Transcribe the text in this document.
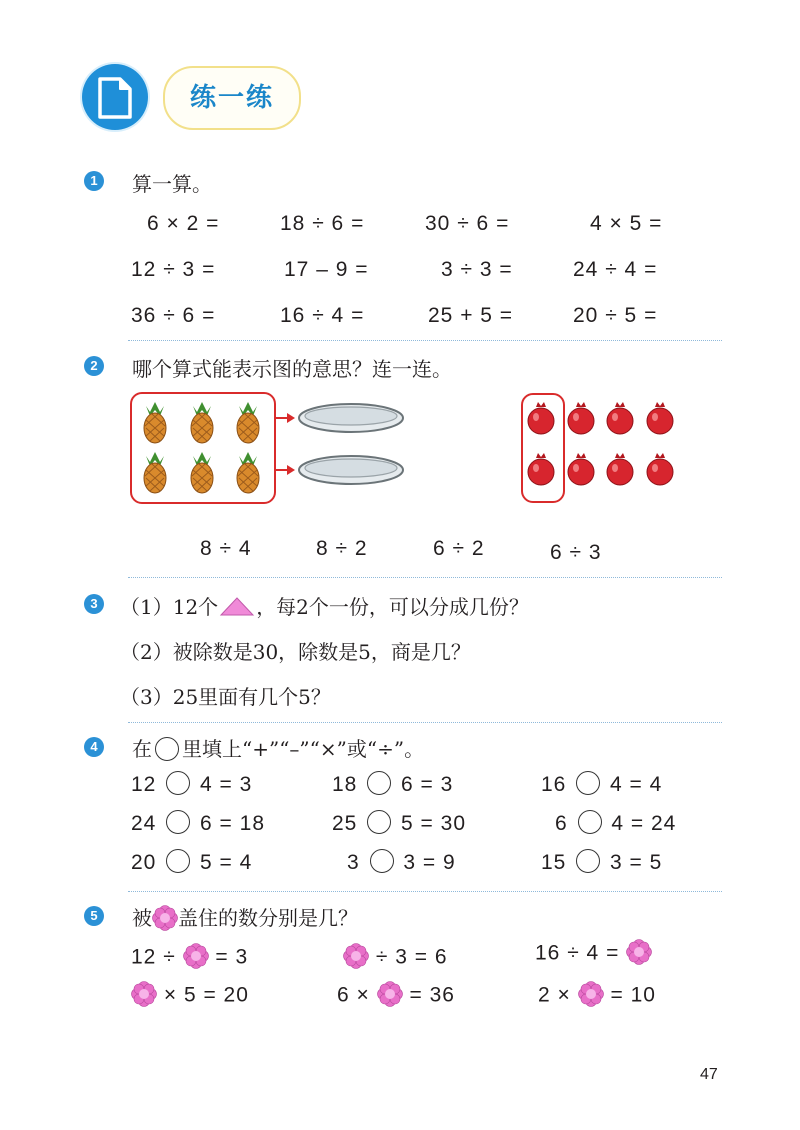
练一练
1	算一算。
6 × 2 =	18 ÷ 6 =	30 ÷ 6 =	4 × 5 =
12 ÷ 3 =	17 – 9 =	3 ÷ 3 =	24 ÷ 4 =
36 ÷ 6 =	16 ÷ 4 =	25 + 5 =	20 ÷ 5 =
2	哪个算式能表示图的意思？连一连。
8 ÷ 4	8 ÷ 2	6 ÷ 2	6 ÷ 3
3	（1）12个 ，每2个一份，可以分成几份？
（2）被除数是30，除数是5，商是几？
（3）25里面有几个5？
4	在 里填上“+”“–”“×”或“÷”。
12 4 = 3	18 6 = 3	16 4 = 4
24 6 = 18	25 5 = 30	6 4 = 24
20 5 = 4	3 3 = 9	15 3 = 5
5	被 盖住的数分别是几？
12 ÷ = 3	÷ 3 = 6	16 ÷ 4 =
× 5 = 20	6 × = 36	2 × = 10
47
